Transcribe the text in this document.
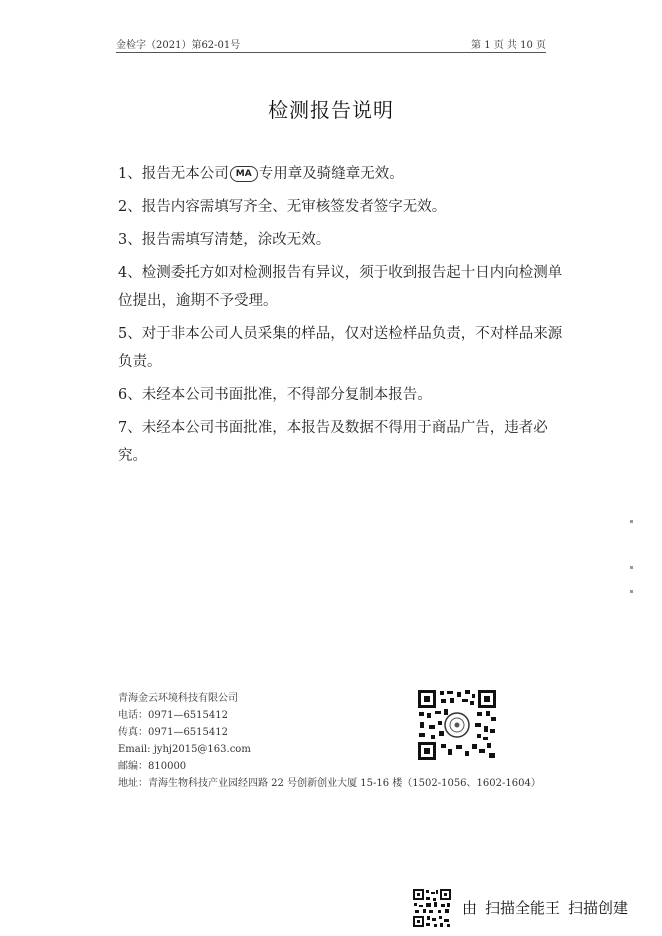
金检字（2021）第62-01号	第 1 页 共 10 页
检测报告说明

1、报告无本公司 MA 专用章及骑缝章无效。

2、报告内容需填写齐全、无审核签发者签字无效。

3、报告需填写清楚，涂改无效。

4、检测委托方如对检测报告有异议，须于收到报告起十日内向检测单位提出，逾期不予受理。

5、对于非本公司人员采集的样品，仅对送检样品负责，不对样品来源负责。

6、未经本公司书面批准，不得部分复制本报告。

7、未经本公司书面批准，本报告及数据不得用于商品广告，违者必究。

青海金云环境科技有限公司
电话：0971—6515412
传真：0971—6515412
Email: jyhj2015@163.com
邮编：810000
地址：青海生物科技产业园经四路 22 号创新创业大厦 15-16 楼（1502-1056、1602-1604）
由 扫描全能王 扫描创建
